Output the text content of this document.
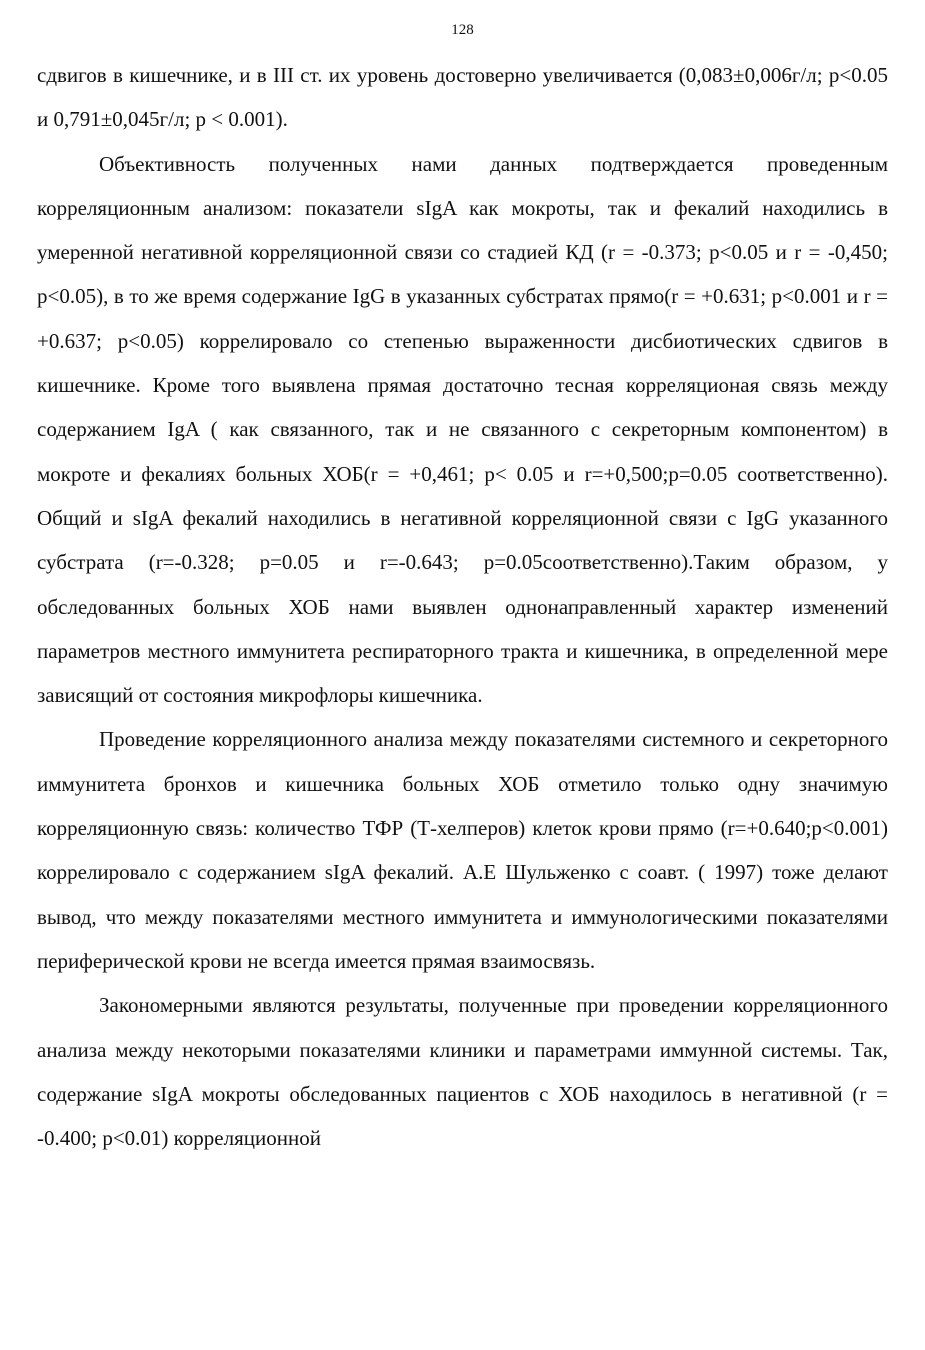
128

сдвигов в кишечнике, и в III ст. их уровень достоверно увеличивается (0,083±0,006г/л; р<0.05 и 0,791±0,045г/л; р < 0.001).

Объективность полученных нами данных подтверждается проведенным корреляционным анализом: показатели sIgA как мокроты, так и фекалий находились в умеренной негативной корреляционной связи со стадией КД (r = -0.373; р<0.05 и r = -0,450; р<0.05), в то же время содержание IgG в указанных субстратах прямо(r = +0.631; р<0.001 и r = +0.637; р<0.05) коррелировало со степенью выраженности дисбиотических сдвигов в кишечнике. Кроме того выявлена прямая достаточно тесная корреляционая связь между содержанием IgA ( как связанного, так и не связанного с секреторным компонентом) в мокроте и фекалиях больных ХОБ(r = +0,461; р< 0.05 и r=+0,500;р=0.05 соответственно). Общий и sIgA фекалий находились в негативной корреляционной связи с IgG указанного субстрата (r=-0.328; р=0.05 и r=-0.643; р=0.05соответственно).Таким образом, у обследованных больных ХОБ нами выявлен однонаправленный характер изменений параметров местного иммунитета респираторного тракта и кишечника, в определенной мере зависящий от состояния микрофлоры кишечника.

Проведение корреляционного анализа между показателями системного и секреторного иммунитета бронхов и кишечника больных ХОБ отметило только одну значимую корреляционную связь: количество ТФР (Т-хелперов) клеток крови прямо (r=+0.640;р<0.001) коррелировало с содержанием sIgA фекалий. А.Е Шульженко с соавт. ( 1997) тоже делают вывод, что между показателями местного иммунитета и иммунологическими показателями периферической крови не всегда имеется прямая взаимосвязь.

Закономерными являются результаты, полученные при проведении корреляционного анализа между некоторыми показателями клиники и параметрами иммунной системы. Так, содержание sIgA мокроты обследованных пациентов с ХОБ находилось в негативной (r = -0.400; р<0.01) корреляционной
